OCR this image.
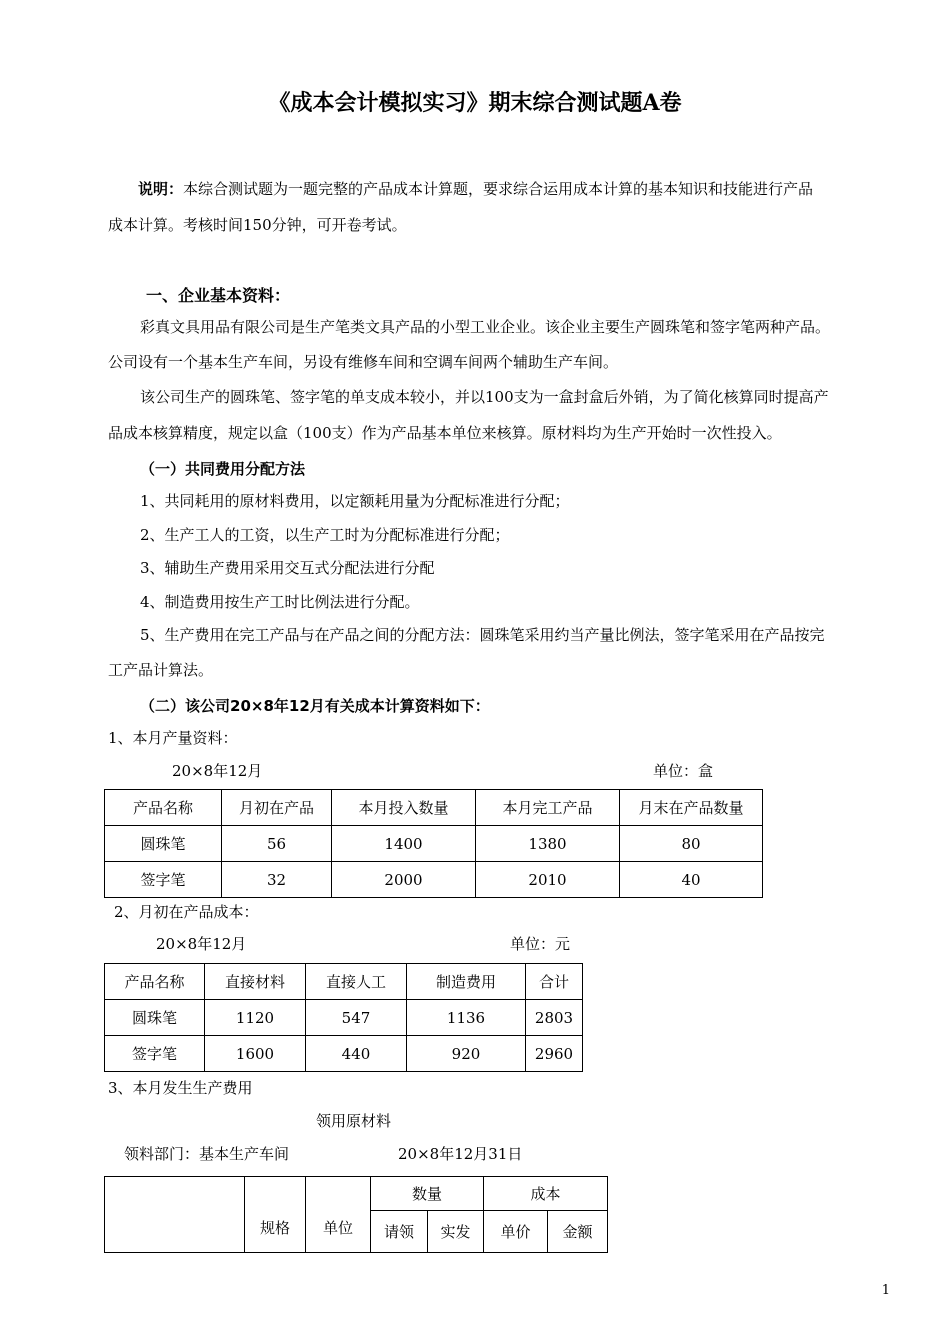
《成本会计模拟实习》期末综合测试题A卷
说明：本综合测试题为一题完整的产品成本计算题，要求综合运用成本计算的基本知识和技能进行产品
成本计算。考核时间150分钟，可开卷考试。
一、企业基本资料：
彩真文具用品有限公司是生产笔类文具产品的小型工业企业。该企业主要生产圆珠笔和签字笔两种产品。
公司设有一个基本生产车间，另设有维修车间和空调车间两个辅助生产车间。
该公司生产的圆珠笔、签字笔的单支成本较小，并以100支为一盒封盒后外销，为了简化核算同时提高产
品成本核算精度，规定以盒（100支）作为产品基本单位来核算。原材料均为生产开始时一次性投入。
（一）共同费用分配方法
1、共同耗用的原材料费用，以定额耗用量为分配标准进行分配；
2、生产工人的工资，以生产工时为分配标准进行分配；
3、辅助生产费用采用交互式分配法进行分配
4、制造费用按生产工时比例法进行分配。
5、生产费用在完工产品与在产品之间的分配方法：圆珠笔采用约当产量比例法，签字笔采用在产品按完
工产品计算法。
（二）该公司20×8年12月有关成本计算资料如下：
1、本月产量资料：
20×8年12月	单位：盒
产品名称	月初在产品	本月投入数量	本月完工产品	月末在产品数量
圆珠笔	56	1400	1380	80
签字笔	32	2000	2010	40
2、月初在产品成本：
20×8年12月	单位：元
产品名称	直接材料	直接人工	制造费用	合计
圆珠笔	1120	547	1136	2803
签字笔	1600	440	920	2960
3、本月发生生产费用
领用原材料
领料部门：基本生产车间	20×8年12月31日
	规格	单位	数量		成本	
			请领	实发	单价	金额
1
